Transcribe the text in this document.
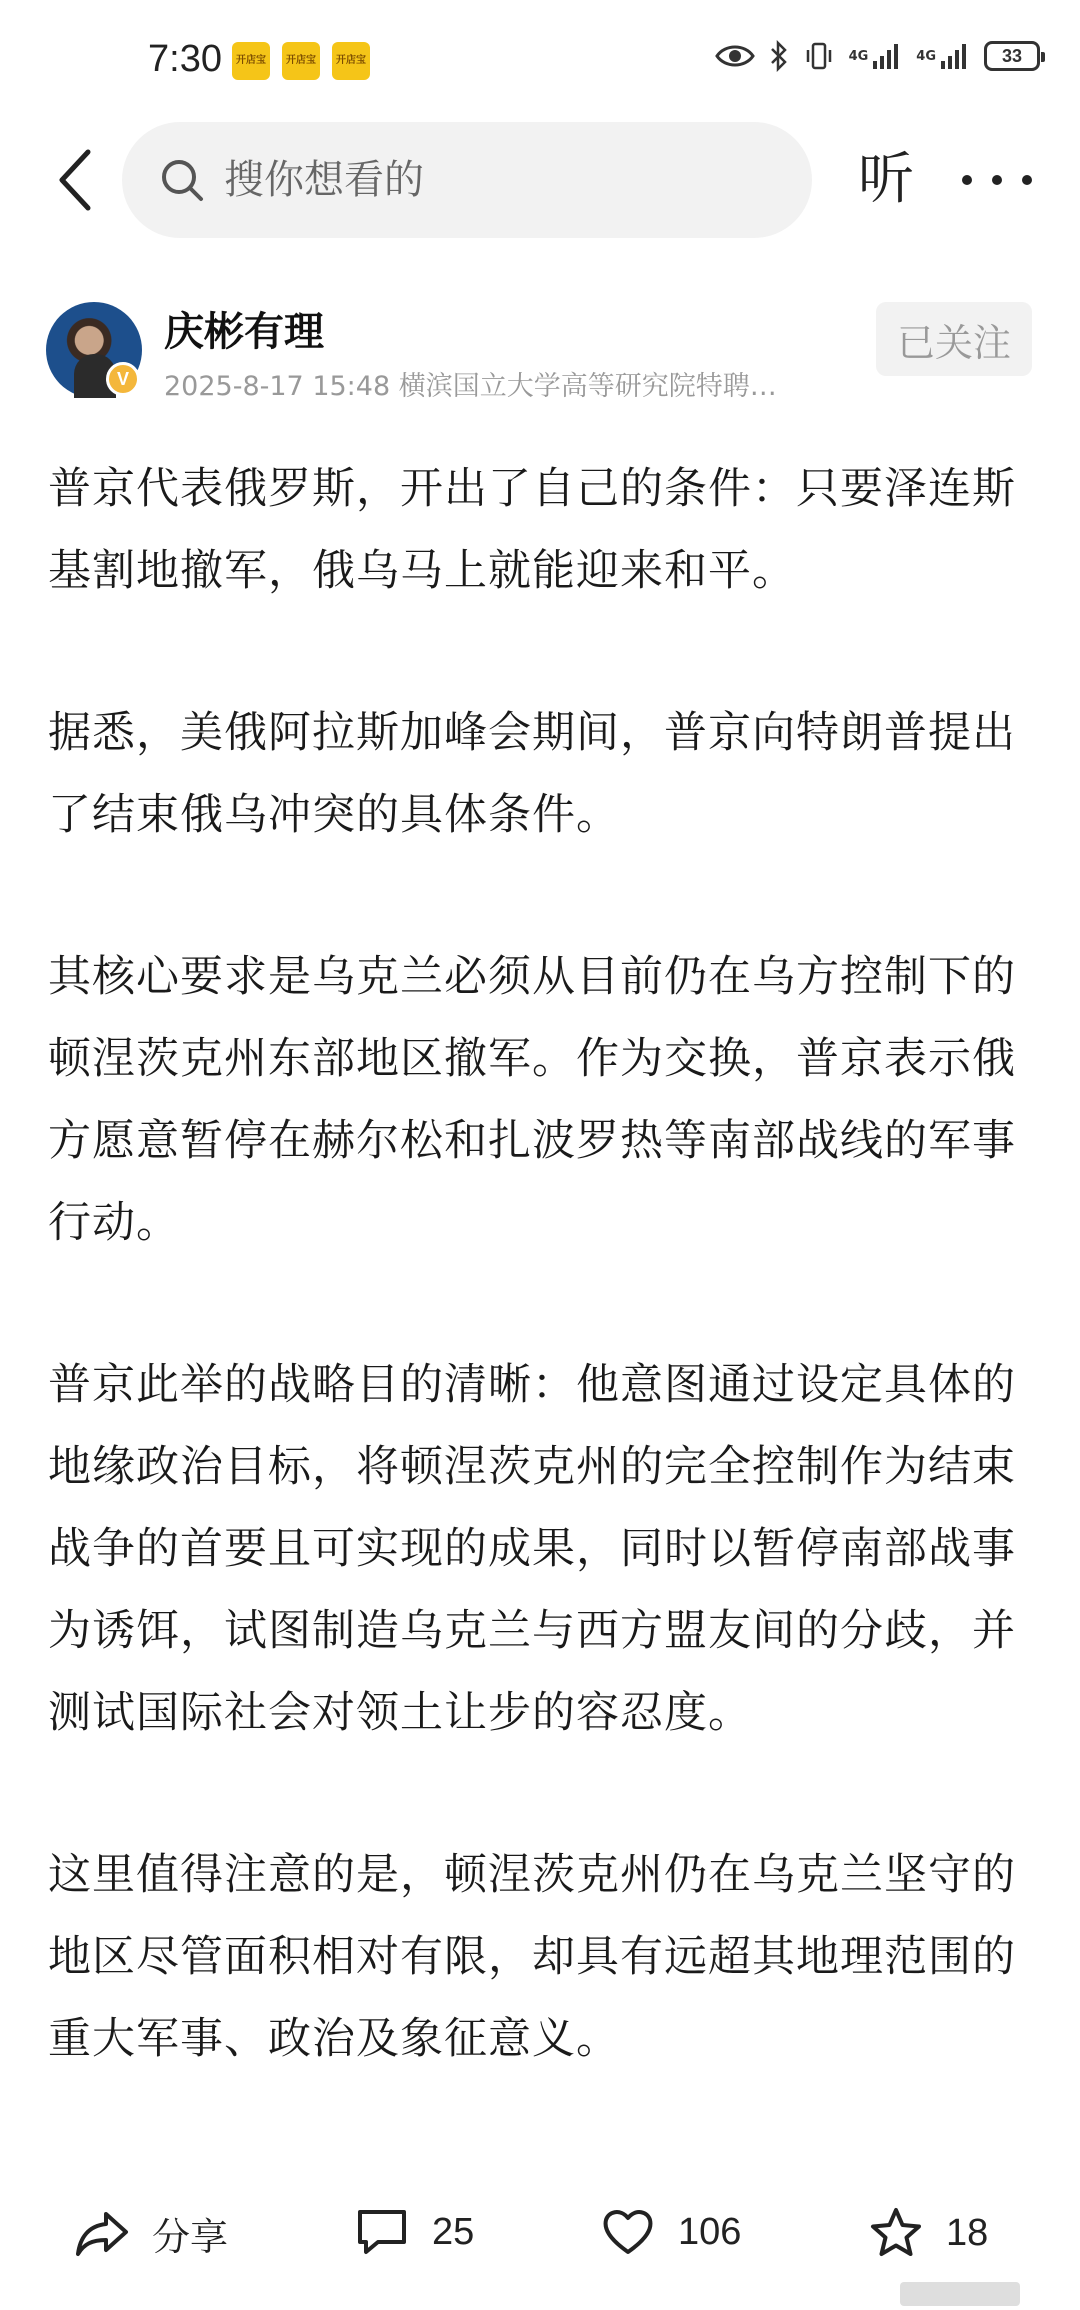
7:30	开店宝	开店宝	开店宝	4G	4G	33
搜你想看的
听
V
庆彬有理
2025-8-17 15:48 横滨国立大学高等研究院特聘…
已关注

普京代表俄罗斯，开出了自己的条件：只要泽连斯基割地撤军，俄乌马上就能迎来和平。

据悉，美俄阿拉斯加峰会期间，普京向特朗普提出了结束俄乌冲突的具体条件。

其核心要求是乌克兰必须从目前仍在乌方控制下的顿涅茨克州东部地区撤军。作为交换，普京表示俄方愿意暂停在赫尔松和扎波罗热等南部战线的军事行动。

普京此举的战略目的清晰：他意图通过设定具体的地缘政治目标，将顿涅茨克州的完全控制作为结束战争的首要且可实现的成果，同时以暂停南部战事为诱饵，试图制造乌克兰与西方盟友间的分歧，并测试国际社会对领土让步的容忍度。

这里值得注意的是，顿涅茨克州仍在乌克兰坚守的地区尽管面积相对有限，却具有远超其地理范围的重大军事、政治及象征意义。

分享	25	106	18
